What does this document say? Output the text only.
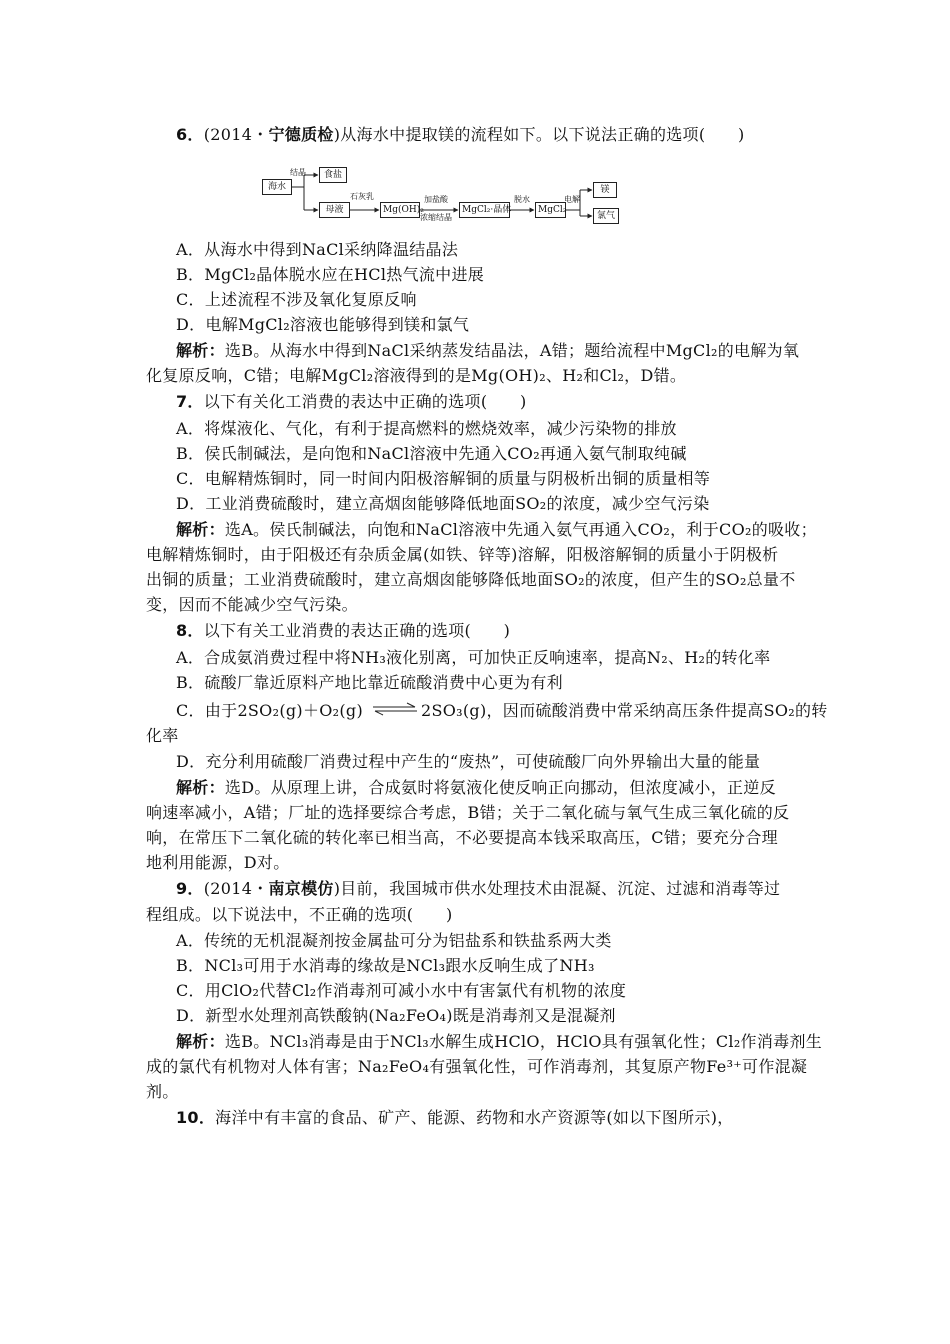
6．(2014・宁德质检)从海水中提取镁的流程如下。以下说法正确的选项(　　)
海水
食盐
母液	Mg(OH)₂	MgCl₂·晶体	MgCl₂
镁
氯气
结晶
石灰乳	加盐酸
浓缩结晶
脱水	电解
A．从海水中得到NaCl采纳降温结晶法
B．MgCl₂晶体脱水应在HCl热气流中进展
C．上述流程不涉及氧化复原反响
D．电解MgCl₂溶液也能够得到镁和氯气
解析：选B。从海水中得到NaCl采纳蒸发结晶法，A错；题给流程中MgCl₂的电解为氧
化复原反响，C错；电解MgCl₂溶液得到的是Mg(OH)₂、H₂和Cl₂，D错。
7．以下有关化工消费的表达中正确的选项(　　)
A．将煤液化、气化，有利于提高燃料的燃烧效率，减少污染物的排放
B．侯氏制碱法，是向饱和NaCl溶液中先通入CO₂再通入氨气制取纯碱
C．电解精炼铜时，同一时间内阳极溶解铜的质量与阴极析出铜的质量相等
D．工业消费硫酸时，建立高烟囱能够降低地面SO₂的浓度，减少空气污染
解析：选A。侯氏制碱法，向饱和NaCl溶液中先通入氨气再通入CO₂，利于CO₂的吸收；
电解精炼铜时，由于阳极还有杂质金属(如铁、锌等)溶解，阳极溶解铜的质量小于阴极析
出铜的质量；工业消费硫酸时，建立高烟囱能够降低地面SO₂的浓度，但产生的SO₂总量不
变，因而不能减少空气污染。
8．以下有关工业消费的表达正确的选项(　　)
A．合成氨消费过程中将NH₃液化别离，可加快正反响速率，提高N₂、H₂的转化率
B．硫酸厂靠近原料产地比靠近硫酸消费中心更为有利
C．由于2SO₂(g)＋O₂(g) ⇌ 2SO₃(g)，因而硫酸消费中常采纳高压条件提高SO₂的转
化率
D．充分利用硫酸厂消费过程中产生的“废热”，可使硫酸厂向外界输出大量的能量
解析：选D。从原理上讲，合成氨时将氨液化使反响正向挪动，但浓度减小，正逆反
响速率减小，A错；厂址的选择要综合考虑，B错；关于二氧化硫与氧气生成三氧化硫的反
响，在常压下二氧化硫的转化率已相当高，不必要提高本钱采取高压，C错；要充分合理
地利用能源，D对。
9．(2014・南京模仿)目前，我国城市供水处理技术由混凝、沉淀、过滤和消毒等过
程组成。以下说法中，不正确的选项(　　)
A．传统的无机混凝剂按金属盐可分为铝盐系和铁盐系两大类
B．NCl₃可用于水消毒的缘故是NCl₃跟水反响生成了NH₃
C．用ClO₂代替Cl₂作消毒剂可减小水中有害氯代有机物的浓度
D．新型水处理剂高铁酸钠(Na₂FeO₄)既是消毒剂又是混凝剂
解析：选B。NCl₃消毒是由于NCl₃水解生成HClO，HClO具有强氧化性；Cl₂作消毒剂生
成的氯代有机物对人体有害；Na₂FeO₄有强氧化性，可作消毒剂，其复原产物Fe³⁺可作混凝
剂。
10．海洋中有丰富的食品、矿产、能源、药物和水产资源等(如以下图所示)，
